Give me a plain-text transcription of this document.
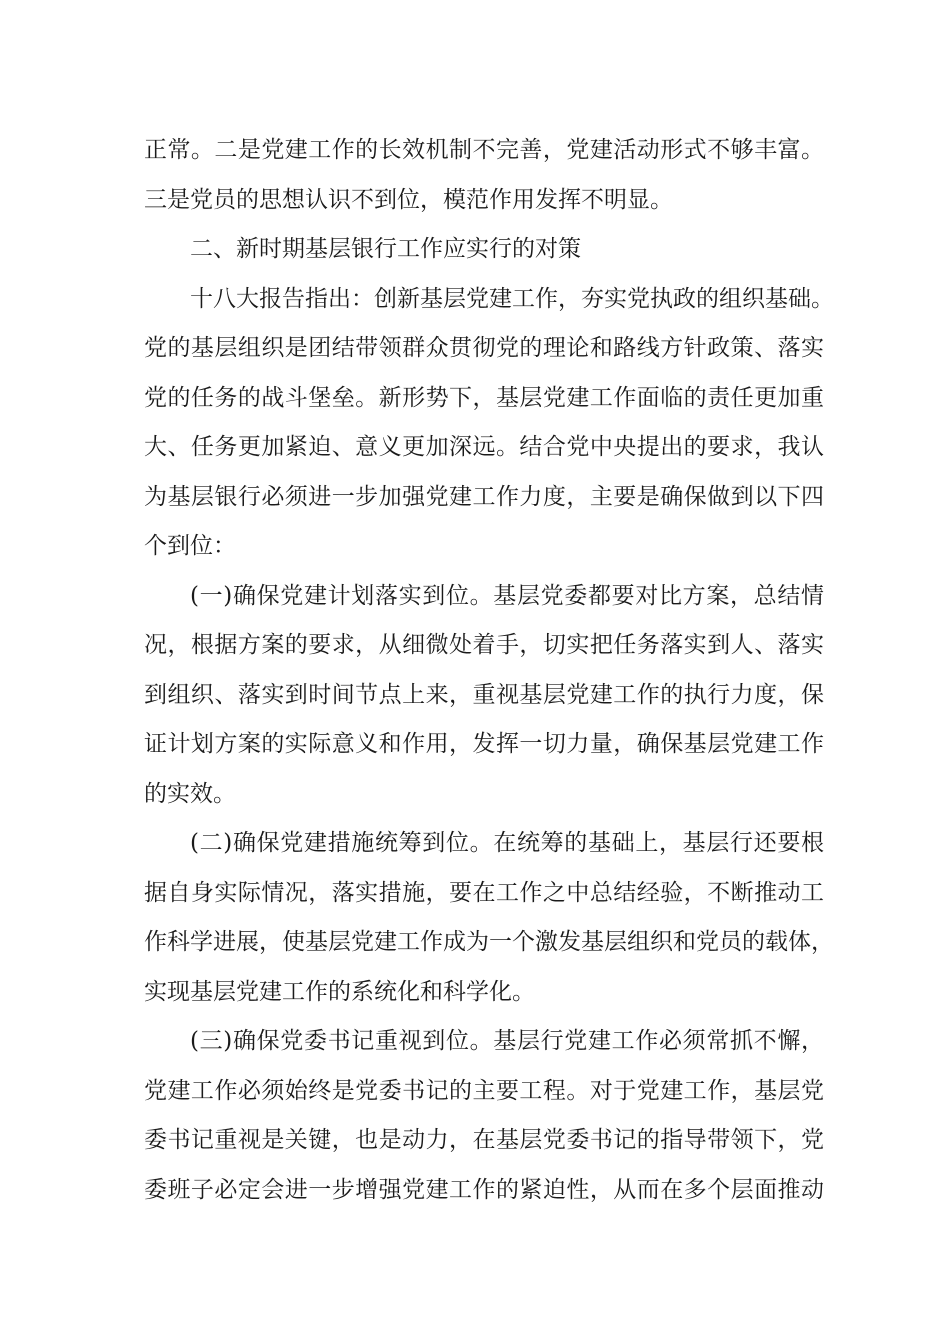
正常。二是党建工作的长效机制不完善，党建活动形式不够丰富。
三是党员的思想认识不到位，模范作用发挥不明显。
二、新时期基层银行工作应实行的对策
十八大报告指出：创新基层党建工作，夯实党执政的组织基础。
党的基层组织是团结带领群众贯彻党的理论和路线方针政策、落实
党的任务的战斗堡垒。新形势下，基层党建工作面临的责任更加重
大、任务更加紧迫、意义更加深远。结合党中央提出的要求，我认
为基层银行必须进一步加强党建工作力度，主要是确保做到以下四
个到位：
(一)确保党建计划落实到位。基层党委都要对比方案，总结情
况，根据方案的要求，从细微处着手，切实把任务落实到人、落实
到组织、落实到时间节点上来，重视基层党建工作的执行力度，保
证计划方案的实际意义和作用，发挥一切力量，确保基层党建工作
的实效。
(二)确保党建措施统筹到位。在统筹的基础上，基层行还要根
据自身实际情况，落实措施，要在工作之中总结经验，不断推动工
作科学进展，使基层党建工作成为一个激发基层组织和党员的载体，
实现基层党建工作的系统化和科学化。
(三)确保党委书记重视到位。基层行党建工作必须常抓不懈，
党建工作必须始终是党委书记的主要工程。对于党建工作，基层党
委书记重视是关键，也是动力，在基层党委书记的指导带领下，党
委班子必定会进一步增强党建工作的紧迫性，从而在多个层面推动
